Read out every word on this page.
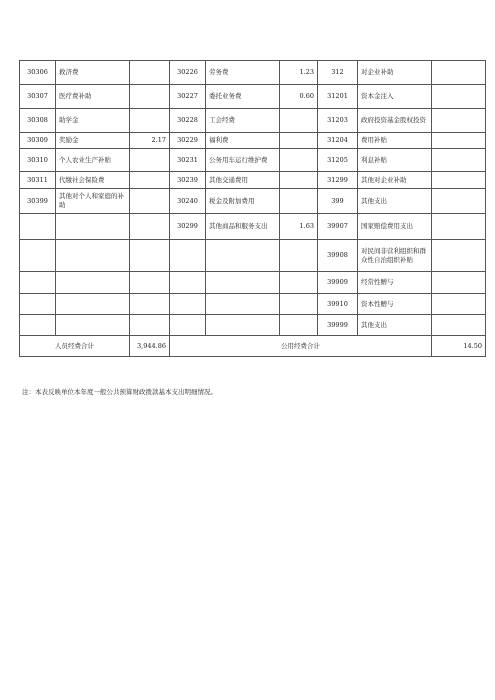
30306	救济费		30226	劳务费	1.23	312	对企业补助	
30307	医疗费补助		30227	委托业务费	0.60	31201	资本金注入	
30308	助学金		30228	工会经费		31203	政府投资基金股权投资	
30309	奖励金	2.17	30229	福利费		31204	费用补贴	
30310	个人农业生产补贴		30231	公务用车运行维护费		31205	利息补贴	
30311	代缴社会保险费		30239	其他交通费用		31299	其他对企业补助	
30399	其他对个人和家庭的补助		30240	税金及附加费用		399	其他支出	
			30299	其他商品和服务支出	1.63	39907	国家赔偿费用支出	
						39908	对民间非营利组织和群众性自治组织补贴	
						39909	经常性赠与	
						39910	资本性赠与	
						39999	其他支出	
人员经费合计		3,944.86	公用经费合计					14.50
注：本表反映单位本年度一般公共预算财政拨款基本支出明细情况。
